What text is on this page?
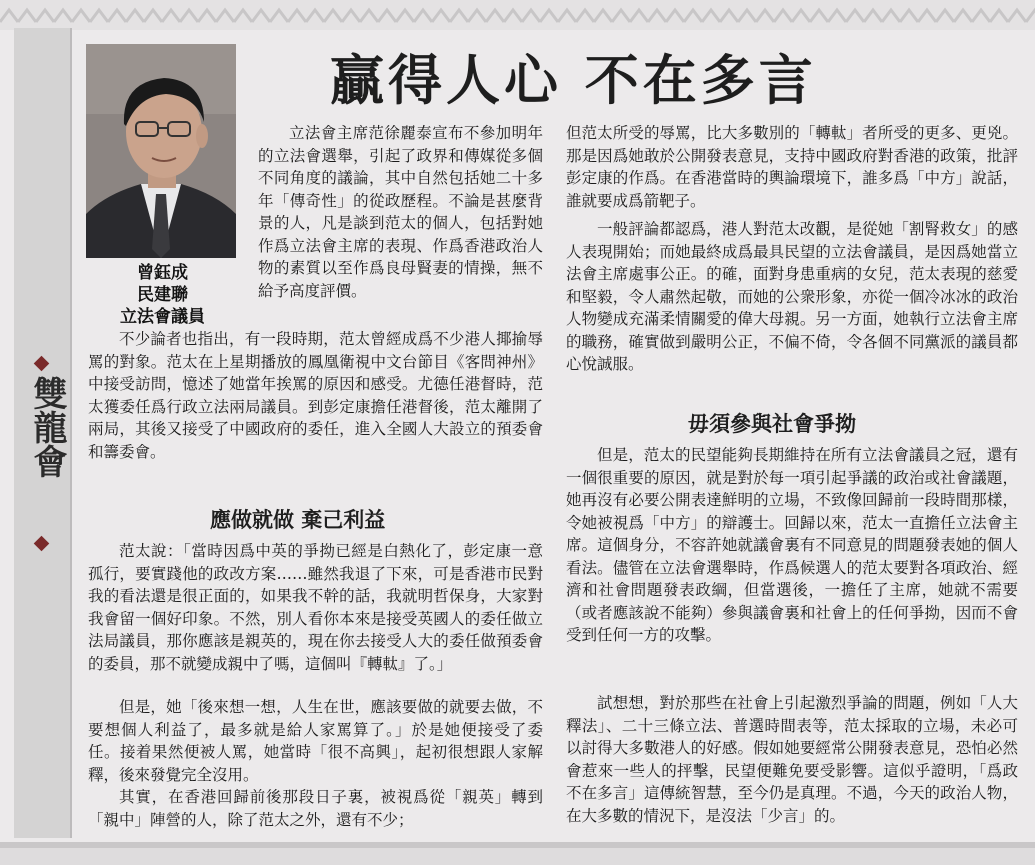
雙龍會
曾鈺成
民建聯
立法會議員
贏得人心 不在多言

立法會主席范徐麗泰宣布不參加明年的立法會選舉，引起了政界和傳媒從多個不同角度的議論，其中自然包括她二十多年「傳奇性」的從政歷程。不論是甚麼背景的人，凡是談到范太的個人，包括對她作爲立法會主席的表現、作爲香港政治人物的素質以至作爲良母賢妻的情操，無不給予高度評價。

不少論者也指出，有一段時期，范太曾經成爲不少港人揶揄辱罵的對象。范太在上星期播放的鳳凰衛視中文台節目《客問神州》中接受訪問，憶述了她當年挨罵的原因和感受。尤德任港督時，范太獲委任爲行政立法兩局議員。到彭定康擔任港督後，范太離開了兩局，其後又接受了中國政府的委任，進入全國人大設立的預委會和籌委會。

應做就做 棄己利益

范太說：「當時因爲中英的爭拗已經是白熱化了，彭定康一意孤行，要實踐他的政改方案……雖然我退了下來，可是香港市民對我的看法還是很正面的，如果我不幹的話，我就明哲保身，大家對我會留一個好印象。不然，別人看你本來是接受英國人的委任做立法局議員，那你應該是親英的，現在你去接受人大的委任做預委會的委員，那不就變成親中了嗎，這個叫『轉軚』了。」

但是，她「後來想一想，人生在世，應該要做的就要去做，不要想個人利益了，最多就是給人家罵算了。」於是她便接受了委任。接着果然便被人罵，她當時「很不高興」，起初很想跟人家解釋，後來發覺完全沒用。

其實，在香港回歸前後那段日子裏，被視爲從「親英」轉到「親中」陣營的人，除了范太之外，還有不少；

但范太所受的辱罵，比大多數別的「轉軚」者所受的更多、更兇。那是因爲她敢於公開發表意見，支持中國政府對香港的政策，批評彭定康的作爲。在香港當時的輿論環境下，誰多爲「中方」說話，誰就要成爲箭靶子。

一般評論都認爲，港人對范太改觀，是從她「割腎救女」的感人表現開始；而她最終成爲最具民望的立法會議員，是因爲她當立法會主席處事公正。的確，面對身患重病的女兒，范太表現的慈愛和堅毅，令人肅然起敬，而她的公衆形象，亦從一個冷冰冰的政治人物變成充滿柔情關愛的偉大母親。另一方面，她執行立法會主席的職務，確實做到嚴明公正，不偏不倚，令各個不同黨派的議員都心悅誠服。

毋須參與社會爭拗

但是，范太的民望能夠長期維持在所有立法會議員之冠，還有一個很重要的原因，就是對於每一項引起爭議的政治或社會議題，她再沒有必要公開表達鮮明的立場，不致像回歸前一段時間那樣，令她被視爲「中方」的辯護士。回歸以來，范太一直擔任立法會主席。這個身分，不容許她就議會裏有不同意見的問題發表她的個人看法。儘管在立法會選舉時，作爲候選人的范太要對各項政治、經濟和社會問題發表政綱，但當選後，一擔任了主席，她就不需要（或者應該說不能夠）參與議會裏和社會上的任何爭拗，因而不會受到任何一方的攻擊。

試想想，對於那些在社會上引起激烈爭論的問題，例如「人大釋法」、二十三條立法、普選時間表等，范太採取的立場，未必可以討得大多數港人的好感。假如她要經常公開發表意見，恐怕必然會惹來一些人的抨擊，民望便難免要受影響。這似乎證明，「爲政不在多言」這傳統智慧，至今仍是真理。不過，今天的政治人物，在大多數的情況下，是沒法「少言」的。
